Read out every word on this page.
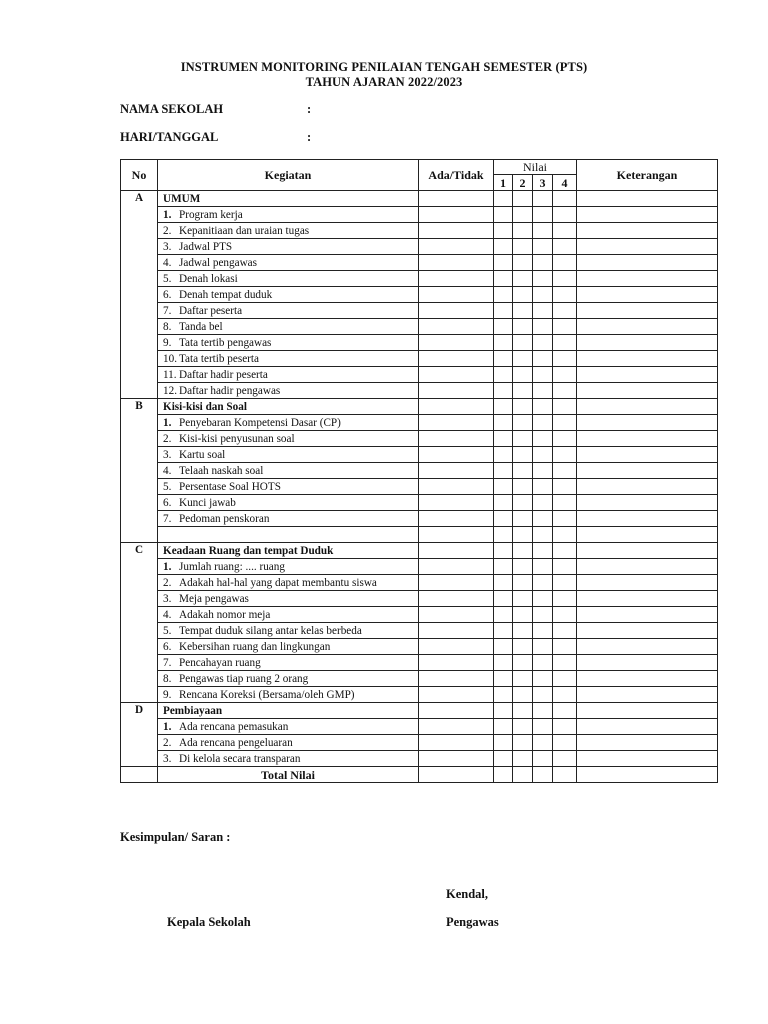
INSTRUMEN MONITORING PENILAIAN TENGAH SEMESTER (PTS)
TAHUN AJARAN 2022/2023
NAMA SEKOLAH	:
HARI/TANGGAL	:
No	Kegiatan	Ada/Tidak	Nilai				Keterangan
			1	2	3	4	
A	UMUM						
	1. Program kerja						
	2. Kepanitiaan dan uraian tugas						
	3. Jadwal PTS						
	4. Jadwal pengawas						
	5. Denah lokasi						
	6. Denah tempat duduk						
	7. Daftar peserta						
	8. Tanda bel						
	9. Tata tertib pengawas						
	10. Tata tertib peserta						
	11. Daftar hadir peserta						
	12. Daftar hadir pengawas						
B	Kisi-kisi dan Soal						
	1. Penyebaran Kompetensi Dasar (CP)						
	2. Kisi-kisi penyusunan soal						
	3. Kartu soal						
	4. Telaah naskah soal						
	5. Persentase Soal HOTS						
	6. Kunci jawab						
	7. Pedoman penskoran						

C	Keadaan Ruang dan tempat Duduk						
	1. Jumlah ruang: .... ruang						
	2. Adakah hal-hal yang dapat membantu siswa						
	3. Meja pengawas						
	4. Adakah nomor meja						
	5. Tempat duduk silang antar kelas berbeda						
	6. Kebersihan ruang dan lingkungan						
	7. Pencahayan ruang						
	8. Pengawas tiap ruang 2 orang						
	9. Rencana Koreksi (Bersama/oleh GMP)						
D	Pembiayaan						
	1. Ada rencana pemasukan						
	2. Ada rencana pengeluaran						
	3. Di kelola secara transparan						
	Total Nilai						
Kesimpulan/ Saran :
Kendal,
Kepala Sekolah	Pengawas
